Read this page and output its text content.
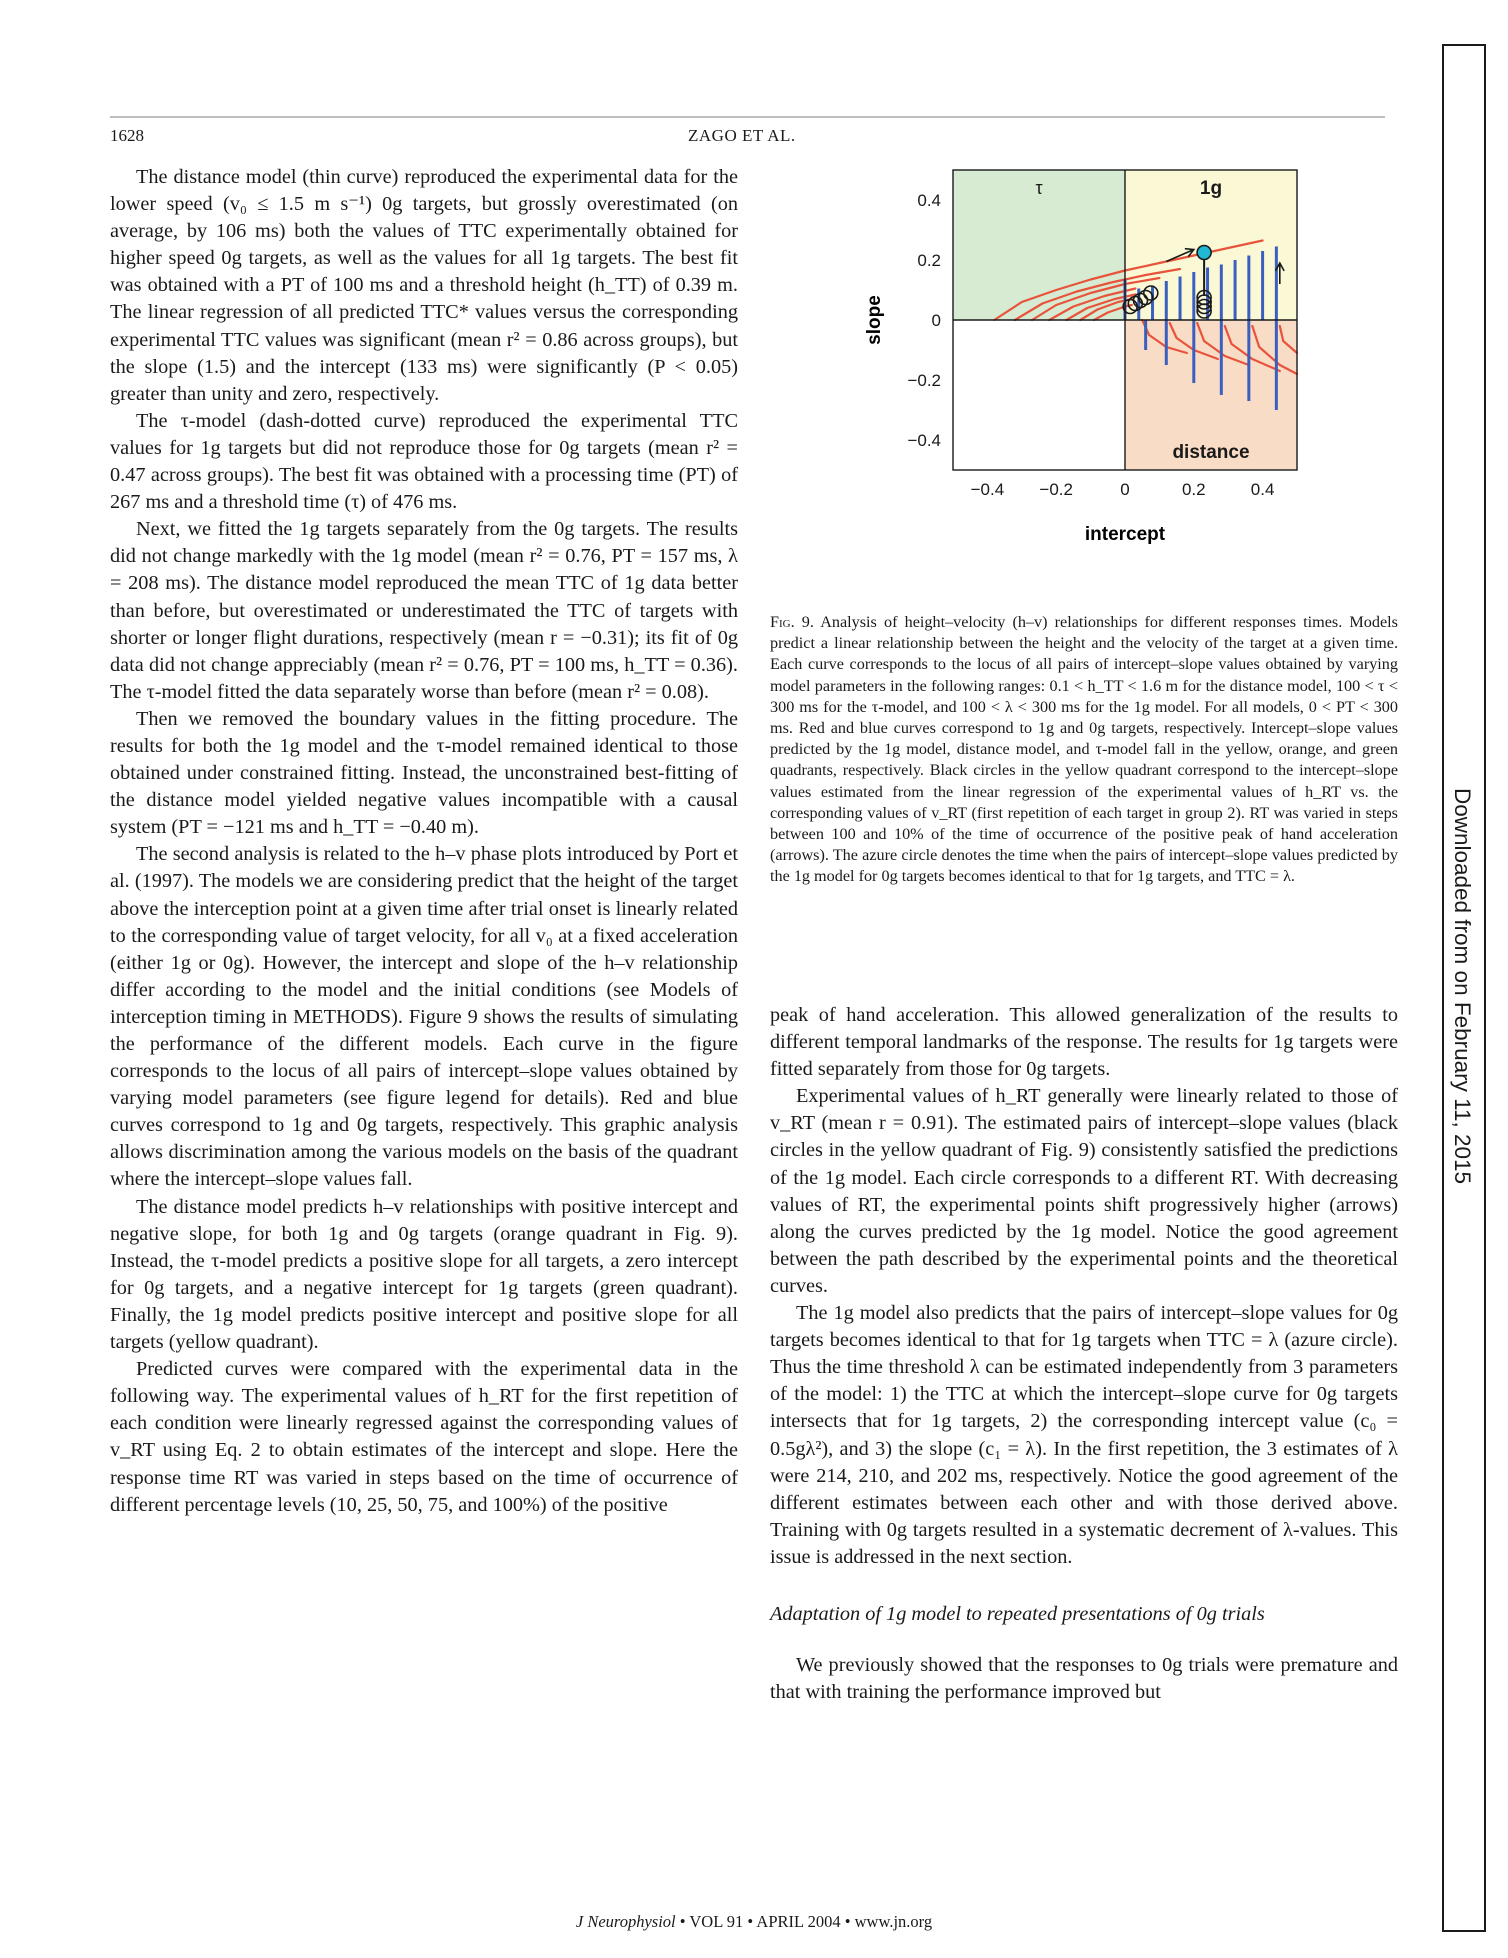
1628	ZAGO ET AL.

The distance model (thin curve) reproduced the experimental data for the lower speed (v₀ ≤ 1.5 m s⁻¹) 0g targets, but grossly overestimated (on average, by 106 ms) both the values of TTC experimentally obtained for higher speed 0g targets, as well as the values for all 1g targets. The best fit was obtained with a PT of 100 ms and a threshold height (h_TT) of 0.39 m. The linear regression of all predicted TTC* values versus the corresponding experimental TTC values was significant (mean r² = 0.86 across groups), but the slope (1.5) and the intercept (133 ms) were significantly (P < 0.05) greater than unity and zero, respectively.

The τ-model (dash-dotted curve) reproduced the experimental TTC values for 1g targets but did not reproduce those for 0g targets (mean r² = 0.47 across groups). The best fit was obtained with a processing time (PT) of 267 ms and a threshold time (τ) of 476 ms.

Next, we fitted the 1g targets separately from the 0g targets. The results did not change markedly with the 1g model (mean r² = 0.76, PT = 157 ms, λ = 208 ms). The distance model reproduced the mean TTC of 1g data better than before, but overestimated or underestimated the TTC of targets with shorter or longer flight durations, respectively (mean r = −0.31); its fit of 0g data did not change appreciably (mean r² = 0.76, PT = 100 ms, h_TT = 0.36). The τ-model fitted the data separately worse than before (mean r² = 0.08).

Then we removed the boundary values in the fitting procedure. The results for both the 1g model and the τ-model remained identical to those obtained under constrained fitting. Instead, the unconstrained best-fitting of the distance model yielded negative values incompatible with a causal system (PT = −121 ms and h_TT = −0.40 m).

The second analysis is related to the h–v phase plots introduced by Port et al. (1997). The models we are considering predict that the height of the target above the interception point at a given time after trial onset is linearly related to the corresponding value of target velocity, for all v₀ at a fixed acceleration (either 1g or 0g). However, the intercept and slope of the h–v relationship differ according to the model and the initial conditions (see Models of interception timing in METHODS). Figure 9 shows the results of simulating the performance of the different models. Each curve in the figure corresponds to the locus of all pairs of intercept–slope values obtained by varying model parameters (see figure legend for details). Red and blue curves correspond to 1g and 0g targets, respectively. This graphic analysis allows discrimination among the various models on the basis of the quadrant where the intercept–slope values fall.

The distance model predicts h–v relationships with positive intercept and negative slope, for both 1g and 0g targets (orange quadrant in Fig. 9). Instead, the τ-model predicts a positive slope for all targets, a zero intercept for 0g targets, and a negative intercept for 1g targets (green quadrant). Finally, the 1g model predicts positive intercept and positive slope for all targets (yellow quadrant).

Predicted curves were compared with the experimental data in the following way. The experimental values of h_RT for the first repetition of each condition were linearly regressed against the corresponding values of v_RT using Eq. 2 to obtain estimates of the intercept and slope. Here the response time RT was varied in steps based on the time of occurrence of different percentage levels (10, 25, 50, 75, and 100%) of the positive

τ	1g
distance
−0.4 −0.2	0	0.2	0.4
0.4
0.2
0
−0.2
−0.4
intercept
slope
Fig. 9. Analysis of height–velocity (h–v) relationships for different responses times. Models predict a linear relationship between the height and the velocity of the target at a given time. Each curve corresponds to the locus of all pairs of intercept–slope values obtained by varying model parameters in the following ranges: 0.1 < h_TT < 1.6 m for the distance model, 100 < τ < 300 ms for the τ-model, and 100 < λ < 300 ms for the 1g model. For all models, 0 < PT < 300 ms. Red and blue curves correspond to 1g and 0g targets, respectively. Intercept–slope values predicted by the 1g model, distance model, and τ-model fall in the yellow, orange, and green quadrants, respectively. Black circles in the yellow quadrant correspond to the intercept–slope values estimated from the linear regression of the experimental values of h_RT vs. the corresponding values of v_RT (first repetition of each target in group 2). RT was varied in steps between 100 and 10% of the time of occurrence of the positive peak of hand acceleration (arrows). The azure circle denotes the time when the pairs of intercept–slope values predicted by the 1g model for 0g targets becomes identical to that for 1g targets, and TTC = λ.

peak of hand acceleration. This allowed generalization of the results to different temporal landmarks of the response. The results for 1g targets were fitted separately from those for 0g targets.

Experimental values of h_RT generally were linearly related to those of v_RT (mean r = 0.91). The estimated pairs of intercept–slope values (black circles in the yellow quadrant of Fig. 9) consistently satisfied the predictions of the 1g model. Each circle corresponds to a different RT. With decreasing values of RT, the experimental points shift progressively higher (arrows) along the curves predicted by the 1g model. Notice the good agreement between the path described by the experimental points and the theoretical curves.

The 1g model also predicts that the pairs of intercept–slope values for 0g targets becomes identical to that for 1g targets when TTC = λ (azure circle). Thus the time threshold λ can be estimated independently from 3 parameters of the model: 1) the TTC at which the intercept–slope curve for 0g targets intersects that for 1g targets, 2) the corresponding intercept value (c₀ = 0.5gλ²), and 3) the slope (c₁ = λ). In the first repetition, the 3 estimates of λ were 214, 210, and 202 ms, respectively. Notice the good agreement of the different estimates between each other and with those derived above. Training with 0g targets resulted in a systematic decrement of λ-values. This issue is addressed in the next section.

Adaptation of 1g model to repeated presentations of 0g trials

We previously showed that the responses to 0g trials were premature and that with training the performance improved but

J Neurophysiol • VOL 91 • APRIL 2004 • www.jn.org
Downloaded from on February 11, 2015
